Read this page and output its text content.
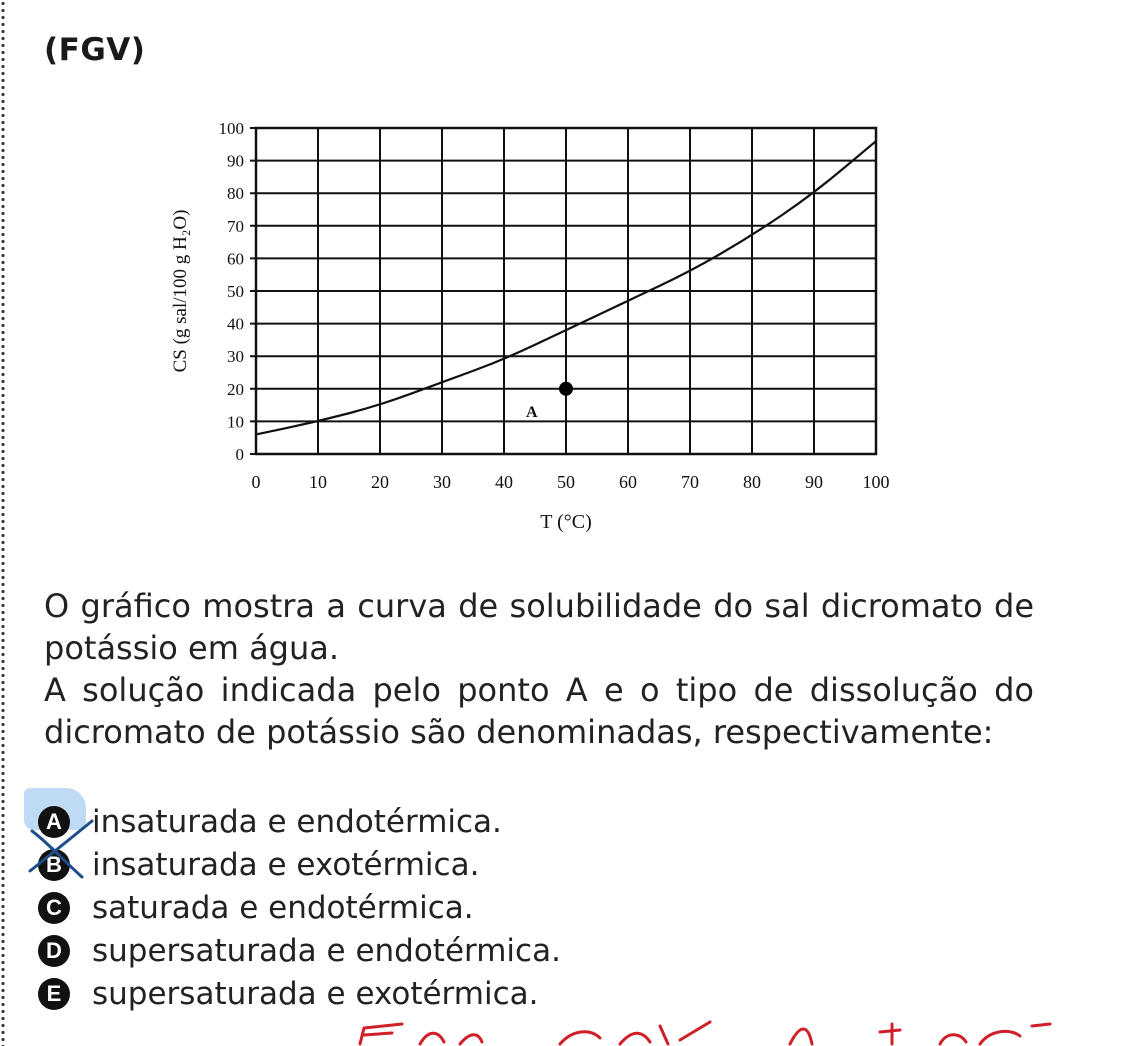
(FGV)
0	10 20 30 40 50 60 70 80 90 100
0
10
20
30
40
50
60
70
80
90
100
A
T (°C)
CS (g sal/100 g H₂O)

O gráfico mostra a curva de solubilidade do sal dicromato de potássio em água.

A solução indicada pelo ponto A e o tipo de dissolução do dicromato de potássio são denominadas, respectivamente:

A insaturada e endotérmica.
B insaturada e exotérmica.
C saturada e endotérmica.
D supersaturada e endotérmica.
E supersaturada e exotérmica.
